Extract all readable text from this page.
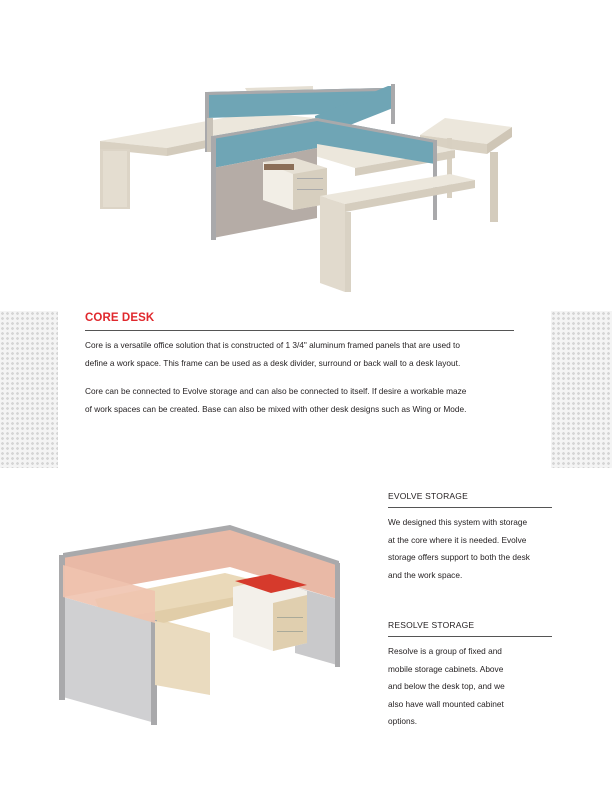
CORE DESK

Core is a versatile office solution that is constructed of 1 3/4" aluminum framed panels that are used to
define a work space. This frame can be used as a desk divider, surround or back wall to a desk layout.

Core can be connected to Evolve storage and can also be connected to itself. If desire a workable maze
of work spaces can be created. Base can also be mixed with other desk designs such as Wing or Mode.

EVOLVE STORAGE

We designed this system with storage
at the core where it is needed. Evolve
storage offers support to both the desk
and the work space.

RESOLVE STORAGE

Resolve is a group of fixed and
mobile storage cabinets. Above
and below the desk top, and we
also have wall mounted cabinet
options.
